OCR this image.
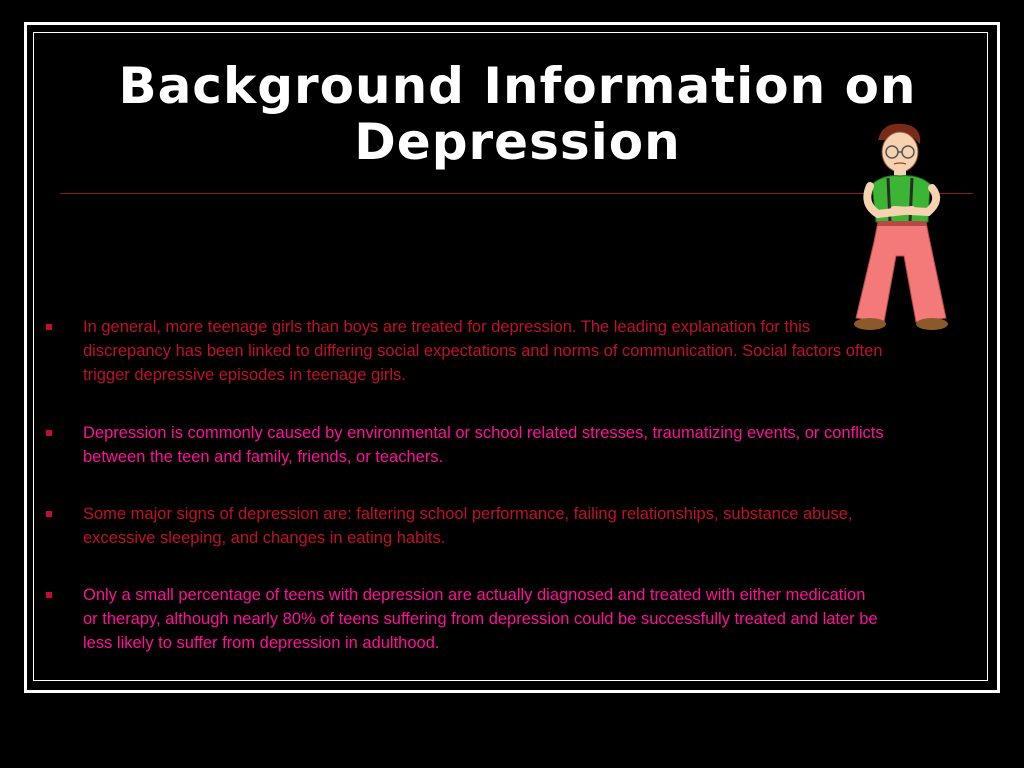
Background Information on
Depression
In general, more teenage girls than boys are treated for depression. The leading explanation for this discrepancy has been linked to differing social expectations and norms of communication. Social factors often trigger depressive episodes in teenage girls.
Depression is commonly caused by environmental or school related stresses, traumatizing events, or conflicts between the teen and family, friends, or teachers.
Some major signs of depression are: faltering school performance, failing relationships, substance abuse, excessive sleeping, and changes in eating habits.
Only a small percentage of teens with depression are actually diagnosed and treated with either medication or therapy, although nearly 80% of teens suffering from depression could be successfully treated and later be less likely to suffer from depression in adulthood.
